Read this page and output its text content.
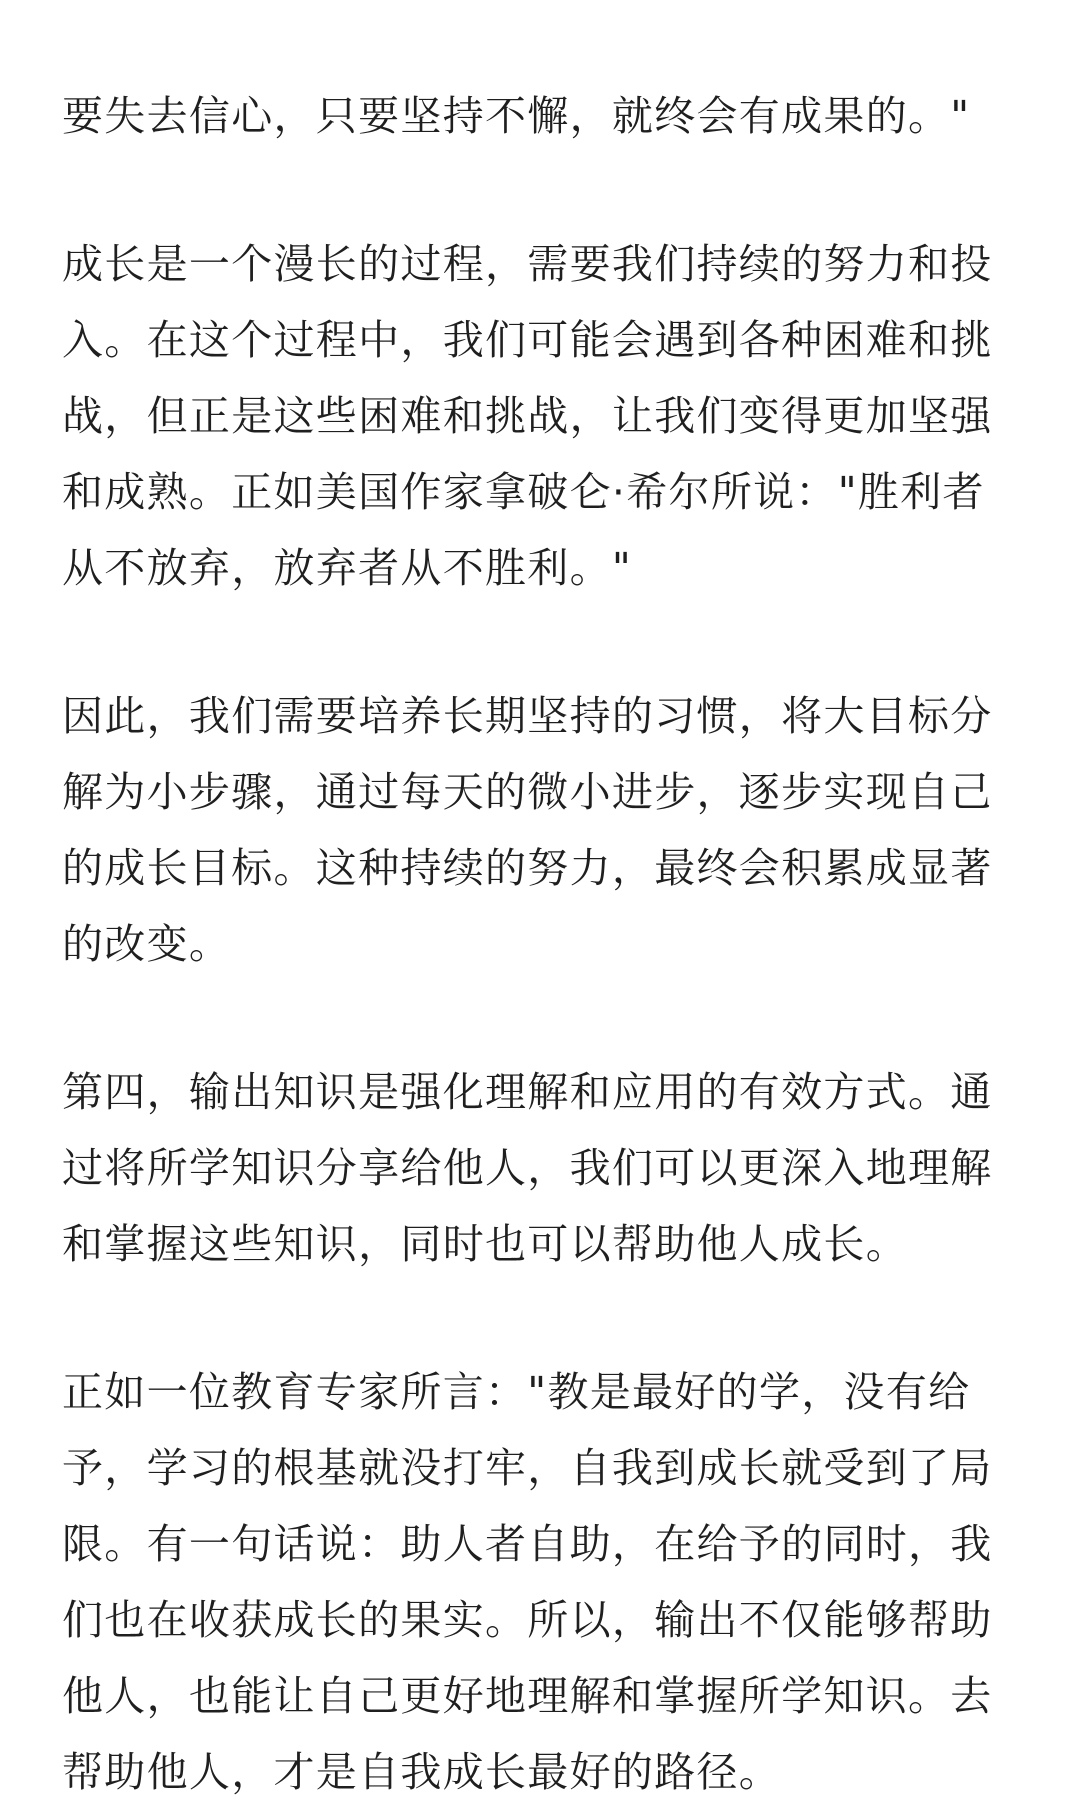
要失去信心，只要坚持不懈，就终会有成果的。"

成长是一个漫长的过程，需要我们持续的努力和投入。在这个过程中，我们可能会遇到各种困难和挑战，但正是这些困难和挑战，让我们变得更加坚强和成熟。正如美国作家拿破仑·希尔所说："胜利者从不放弃，放弃者从不胜利。"

因此，我们需要培养长期坚持的习惯，将大目标分解为小步骤，通过每天的微小进步，逐步实现自己的成长目标。这种持续的努力，最终会积累成显著的改变。

第四，输出知识是强化理解和应用的有效方式。通过将所学知识分享给他人，我们可以更深入地理解和掌握这些知识，同时也可以帮助他人成长。

正如一位教育专家所言："教是最好的学，没有给予，学习的根基就没打牢，自我到成长就受到了局限。有一句话说：助人者自助，在给予的同时，我们也在收获成长的果实。所以，输出不仅能够帮助他人，也能让自己更好地理解和掌握所学知识。去帮助他人，才是自我成长最好的路径。
